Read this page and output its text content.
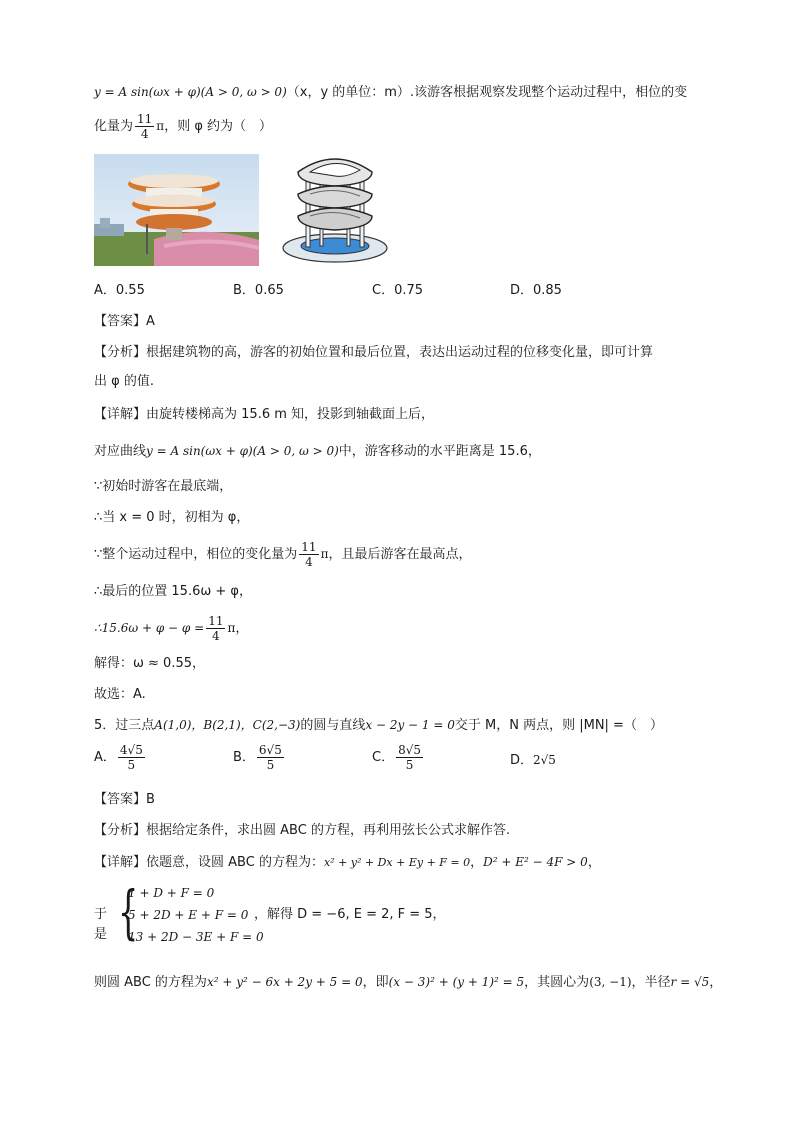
y = A sin(ωx + φ)(A > 0, ω > 0)（x，y 的单位：m）.该游客根据观察发现整个运动过程中，相位的变
化量为 $\frac{11}{4}$ π，则 φ 约为（　）
A．0.55	B．0.65	C．0.75	D．0.85
【答案】A
【分析】根据建筑物的高，游客的初始位置和最后位置，表达出运动过程的位移变化量，即可计算
出 φ 的值.
【详解】由旋转楼梯高为 15.6 m 知，投影到轴截面上后，
对应曲线y = A sin(ωx + φ)(A > 0, ω > 0)中，游客移动的水平距离是 15.6，
∵初始时游客在最底端，
∴当 x = 0 时，初相为 φ，
∵整个运动过程中，相位的变化量为 $\frac{11}{4}$ π，且最后游客在最高点，
∴最后的位置 15.6ω + φ，
∴15.6ω + $\varphi - \varphi = \frac{11}{4}$ π，
解得：ω ≈ 0.55，
故选：A.
5．过三点A(1,0)，B(2,1)，C(2,−3)的圆与直线x − 2y − 1 = 0交于 M，N 两点，则 |MN| =（　）
A． $\frac{4√5}{5}$	B． $\frac{6√5}{5}$	C． $\frac{8√5}{5}$	D．2√5
【答案】B
【分析】根据给定条件，求出圆 ABC 的方程，再利用弦长公式求解作答.
【详解】依题意，设圆 ABC 的方程为：x² + y² + Dx + Ey + F = 0，D² + E² − 4F > 0，
于是 {
1 + D + F = 0
5 + 2D + E + F = 0
13 + 2D − 3E + F = 0
，解得 D = −6, E = 2, F = 5，
则圆 ABC 的方程为x² + y² − 6x + 2y + 5 = 0，即(x − 3)² + (y + 1)² = 5，其圆心为(3, −1)，半径r = √5，
